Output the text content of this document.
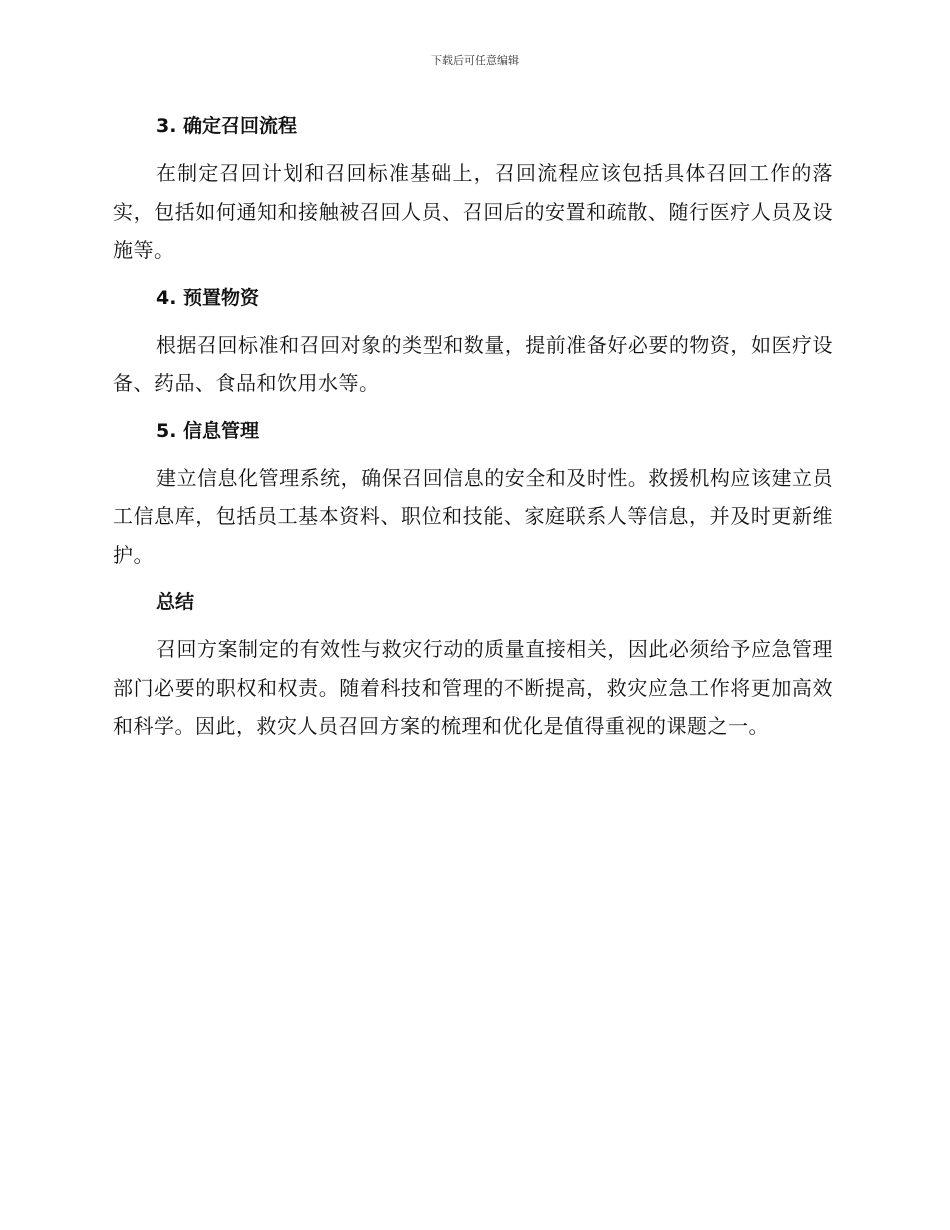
下载后可任意编辑
3. 确定召回流程

在制定召回计划和召回标准基础上，召回流程应该包括具体召回工作的落实，包括如何通知和接触被召回人员、召回后的安置和疏散、随行医疗人员及设施等。

4. 预置物资

根据召回标准和召回对象的类型和数量，提前准备好必要的物资，如医疗设备、药品、食品和饮用水等。

5. 信息管理

建立信息化管理系统，确保召回信息的安全和及时性。救援机构应该建立员工信息库，包括员工基本资料、职位和技能、家庭联系人等信息，并及时更新维护。

总结

召回方案制定的有效性与救灾行动的质量直接相关，因此必须给予应急管理部门必要的职权和权责。随着科技和管理的不断提高，救灾应急工作将更加高效和科学。因此，救灾人员召回方案的梳理和优化是值得重视的课题之一。
